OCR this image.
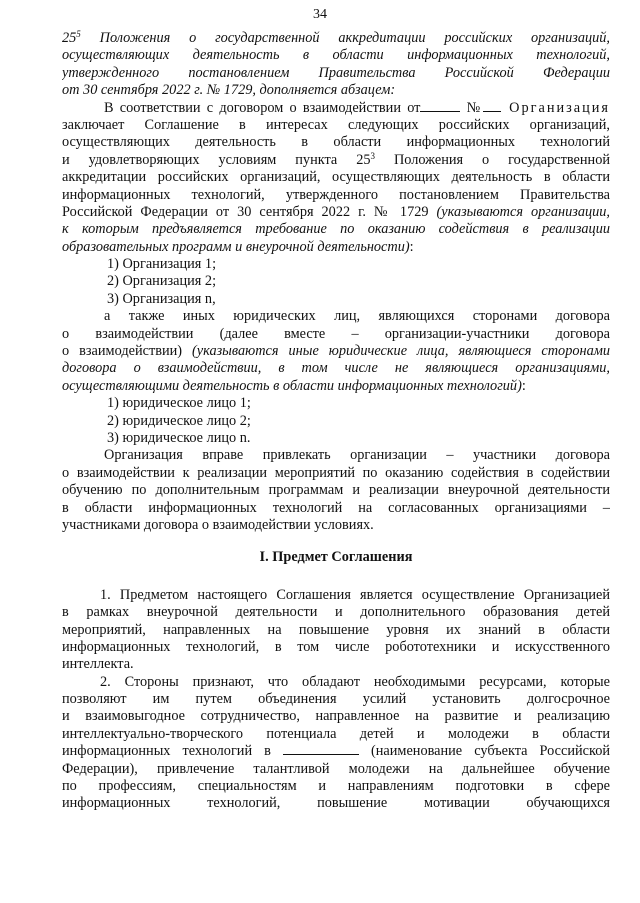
34
$25^5$ Положения о государственной аккредитации российских организаций,
осуществляющих деятельность в области информационных технологий,
утвержденного постановлением Правительства Российской Федерации
от 30 сентября 2022 г. № 1729, дополняется абзацем:
В соответствии с договором о взаимодействии от	№ Организация
заключает Соглашение в интересах следующих российских организаций,
осуществляющих деятельность в области информационных технологий
и удовлетворяющих условиям пункта $25^3$ Положения о государственной
аккредитации российских организаций, осуществляющих деятельность в области
информационных технологий, утвержденного постановлением Правительства
Российской Федерации от 30 сентября 2022 г. № 1729 (указываются организации,
к которым предъявляется требование по оказанию содействия в реализации
образовательных программ и внеурочной деятельности):
1) Организация 1;
2) Организация 2;
3) Организация n,
а также иных юридических лиц, являющихся сторонами договора
о взаимодействии (далее вместе – организации-участники договора
о взаимодействии) (указываются иные юридические лица, являющиеся сторонами
договора о взаимодействии, в том числе не являющиеся организациями,
осуществляющими деятельность в области информационных технологий):
1) юридическое лицо 1;
2) юридическое лицо 2;
3) юридическое лицо n.
Организация вправе привлекать организации – участники договора
о взаимодействии к реализации мероприятий по оказанию содействия в содействии
обучению по дополнительным программам и реализации внеурочной деятельности
в области информационных технологий на согласованных организациями –
участниками договора о взаимодействии условиях.
I. Предмет Соглашения
1. Предметом настоящего Соглашения является осуществление Организацией
в рамках внеурочной деятельности и дополнительного образования детей
мероприятий, направленных на повышение уровня их знаний в области
информационных технологий, в том числе робототехники и искусственного
интеллекта.
2. Стороны признают, что обладают необходимыми ресурсами, которые
позволяют им путем объединения усилий установить долгосрочное
и взаимовыгодное сотрудничество, направленное на развитие и реализацию
интеллектуально-творческого потенциала детей и молодежи в области
информационных технологий в	(наименование субъекта Российской
Федерации), привлечение талантливой молодежи на дальнейшее обучение
по профессиям, специальностям и направлениям подготовки в сфере
информационных технологий, повышение мотивации обучающихся
